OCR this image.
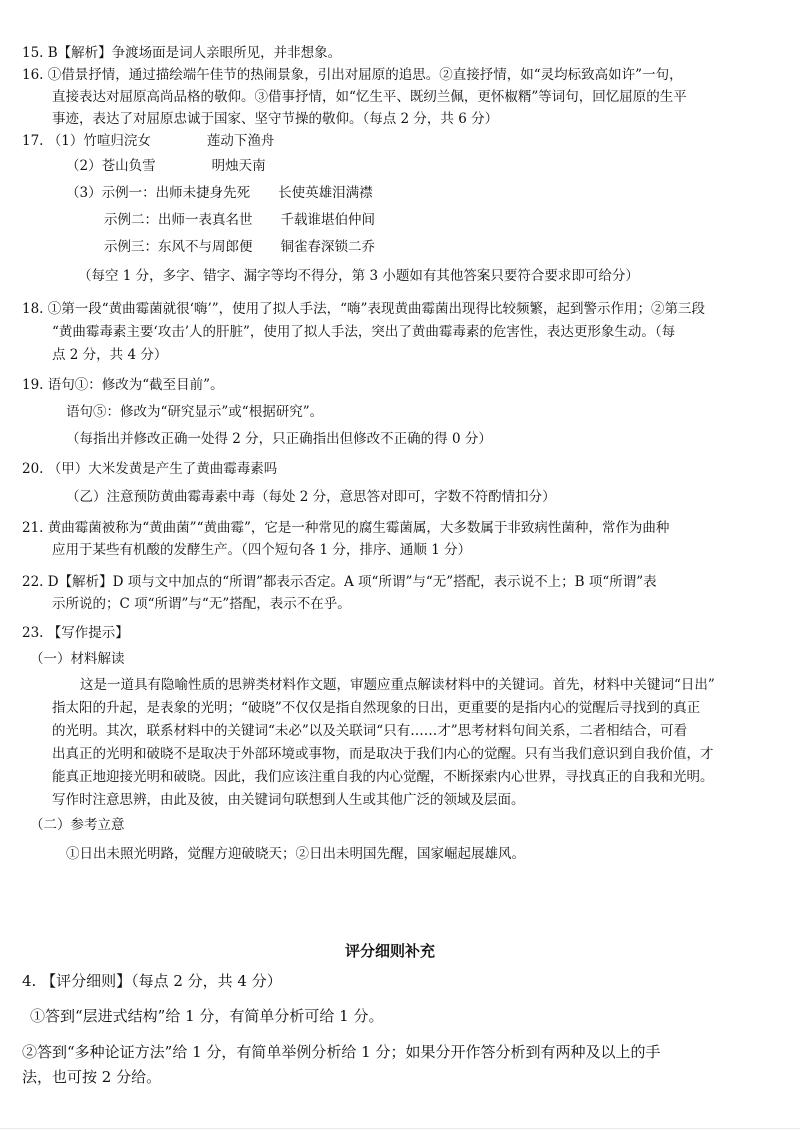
15. B【解析】争渡场面是词人亲眼所见，并非想象。
16. ①借景抒情，通过描绘端午佳节的热闹景象，引出对屈原的追思。②直接抒情，如“灵均标致高如许”一句，
直接表达对屈原高尚品格的敬仰。③借事抒情，如“忆生平、既纫兰佩，更怀椒糈”等词句，回忆屈原的生平
事迹，表达了对屈原忠诚于国家、坚守节操的敬仰。（每点 2 分，共 6 分）
17. （1）竹喧归浣女	莲动下渔舟
（2）苍山负雪	明烛天南
（3）示例一：出师未捷身先死 长使英雄泪满襟
示例二：出师一表真名世 千载谁堪伯仲间
示例三：东风不与周郎便 铜雀春深锁二乔
（每空 1 分，多字、错字、漏字等均不得分，第 3 小题如有其他答案只要符合要求即可给分）
18. ①第一段“黄曲霉菌就很‘嗨’”，使用了拟人手法，“嗨”表现黄曲霉菌出现得比较频繁，起到警示作用；②第三段
“黄曲霉毒素主要‘攻击’人的肝脏”，使用了拟人手法，突出了黄曲霉毒素的危害性，表达更形象生动。（每
点 2 分，共 4 分）
19. 语句①：修改为“截至目前”。
语句⑤：修改为“研究显示”或“根据研究”。
（每指出并修改正确一处得 2 分，只正确指出但修改不正确的得 0 分）
20. （甲）大米发黄是产生了黄曲霉毒素吗
（乙）注意预防黄曲霉毒素中毒（每处 2 分，意思答对即可，字数不符酌情扣分）
21. 黄曲霉菌被称为“黄曲菌”“黄曲霉”，它是一种常见的腐生霉菌属，大多数属于非致病性菌种，常作为曲种
应用于某些有机酸的发酵生产。（四个短句各 1 分，排序、通顺 1 分）
22. D【解析】D 项与文中加点的“所谓”都表示否定。A 项“所谓”与“无”搭配，表示说不上；B 项“所谓”表
示所说的；C 项“所谓”与“无”搭配，表示不在乎。
23. 【写作提示】
（一）材料解读
这是一道具有隐喻性质的思辨类材料作文题，审题应重点解读材料中的关键词。首先，材料中关键词“日出”
指太阳的升起，是表象的光明；“破晓”不仅仅是指自然现象的日出，更重要的是指内心的觉醒后寻找到的真正
的光明。其次，联系材料中的关键词“未必”以及关联词“只有……才”思考材料句间关系，二者相结合，可看
出真正的光明和破晓不是取决于外部环境或事物，而是取决于我们内心的觉醒。只有当我们意识到自我价值，才
能真正地迎接光明和破晓。因此，我们应该注重自我的内心觉醒，不断探索内心世界，寻找真正的自我和光明。
写作时注意思辨，由此及彼，由关键词句联想到人生或其他广泛的领域及层面。
（二）参考立意
①日出未照光明路，觉醒方迎破晓天；②日出未明国先醒，国家崛起展雄风。
评分细则补充
4. 【评分细则】（每点 2 分，共 4 分）
①答到“层进式结构”给 1 分，有简单分析可给 1 分。
②答到“多种论证方法”给 1 分，有简单举例分析给 1 分；如果分开作答分析到有两种及以上的手
法，也可按 2 分给。
